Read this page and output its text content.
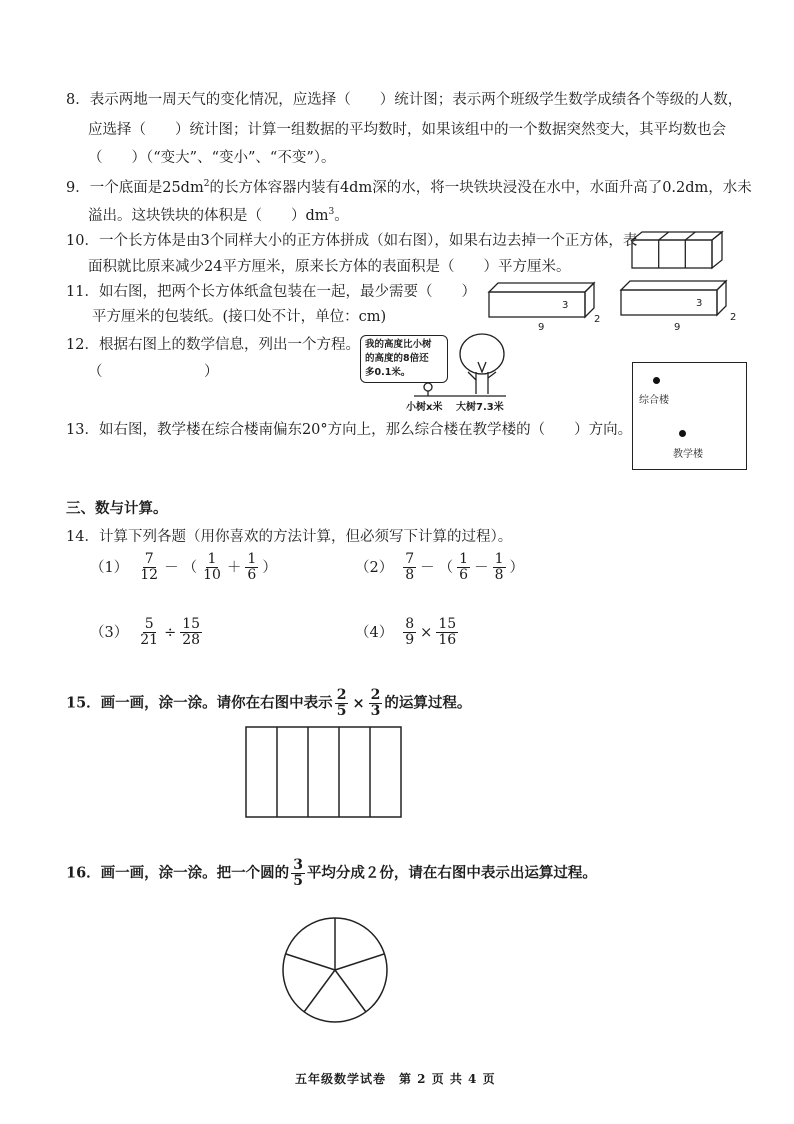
8．表示两地一周天气的变化情况，应选择（　　）统计图；表示两个班级学生数学成绩各个等级的人数，
应选择（　　）统计图；计算一组数据的平均数时，如果该组中的一个数据突然变大，其平均数也会
（　　）（“变大”、“变小”、“不变”）。
9．一个底面是$25dm^2$的长方体容器内装有4dm深的水，将一块铁块浸没在水中，水面升高了0.2dm，水未
溢出。这块铁块的体积是（　　）$dm^3$。
10．一个长方体是由3个同样大小的正方体拼成（如右图），如果右边去掉一个正方体，表
面积就比原来减少24平方厘米，原来长方体的表面积是（　　）平方厘米。
11．如右图，把两个长方体纸盒包装在一起，最少需要（　　）
平方厘米的包装纸。(接口处不计，单位：cm)
3
9
2
3
9
2
12．根据右图上的数学信息，列出一个方程。
（　　　　　　　）
我的高度比小树
的高度的8倍还
多0.1米。
小树x米 大树7.3米
13．如右图，教学楼在综合楼南偏东20°方向上，那么综合楼在教学楼的（　　）方向。
综合楼
教学楼
三、数与计算。
14．计算下列各题（用你喜欢的方法计算，但必须写下计算的过程）。
$(1) \frac{7}{12}$ － （ $\frac{1}{10} + \frac{1}{6}$ ）	$(2) \frac{7}{8}$ － （ $\frac{1}{6} - \frac{1}{8}$ ）
$(3) \frac{5}{21} \div \frac{15}{28}$	$(4) \frac{8}{9} \times \frac{15}{16}$
15．画一画，涂一涂。请你在右图中表示 $\frac{2}{5} \times \frac{2}{3}$ 的运算过程。
16．画一画，涂一涂。把一个圆的 $\frac{3}{5}$ 平均分成２份，请在右图中表示出运算过程。
五年级数学试卷　第 2 页 共 4 页
